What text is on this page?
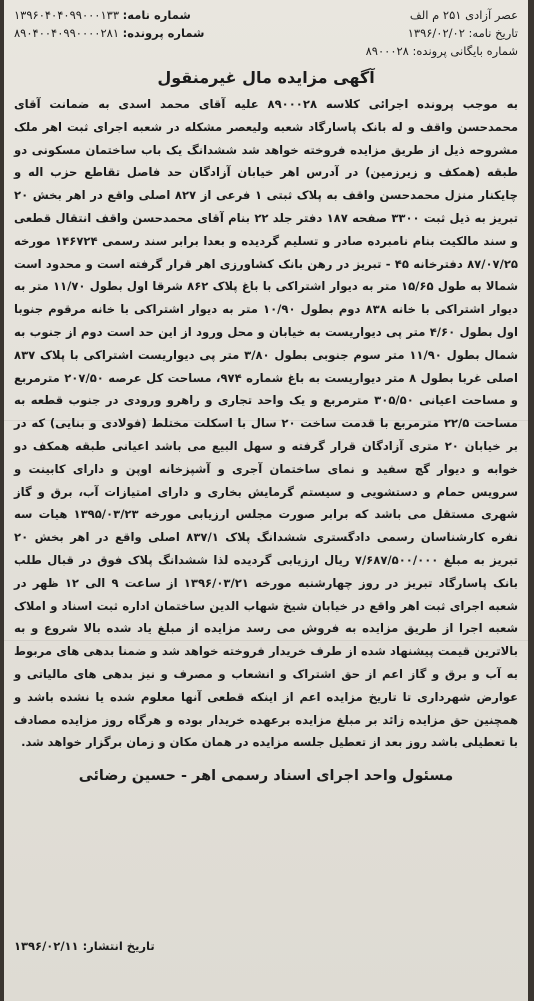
عصر آزادی ۲۵۱ م الف
شماره نامه: ۱۳۹۶۰۴۰۴۰۹۹۰۰۰۱۳۳
تاریخ نامه: ۱۳۹۶/۰۲/۰۲
شماره پرونده: ۸۹۰۴۰۰۴۰۹۹۰۰۰۰۲۸۱
شماره بایگانی پرونده: ۸۹۰۰۰۲۸
آگهی مزایده مال غیرمنقول

به موجب پرونده اجرائی کلاسه ۸۹۰۰۰۲۸ علیه آقای محمد اسدی به ضمانت آقای محمدحسن واقف و له بانک پاسارگاد شعبه ولیعصر مشکله در شعبه اجرای ثبت اهر ملک مشروحه ذیل از طریق مزایده فروخته خواهد شد ششدانگ یک باب ساختمان مسکونی دو طبقه (همکف و زیرزمین) در آدرس اهر خیابان آزادگان حد فاصل تقاطع حزب اله و چایکنار منزل محمدحسن واقف به پلاک ثبتی ۱ فرعی از ۸۲۷ اصلی واقع در اهر بخش ۲۰ تبریز به ذیل ثبت ۳۳۰۰ صفحه ۱۸۷ دفتر جلد ۲۲ بنام آقای محمدحسن واقف انتقال قطعی و سند مالکیت بنام نامبرده صادر و تسلیم گردیده و بعدا برابر سند رسمی ۱۴۶۷۲۴ مورخه ۸۷/۰۷/۲۵ دفترخانه ۴۵ - تبریز در رهن بانک کشاورزی اهر قرار گرفته است و محدود است شمالا به طول ۱۵/۶۵ متر به دیوار اشتراکی با باغ پلاک ۸۶۲ شرقا اول بطول ۱۱/۷۰ متر به دیوار اشتراکی با خانه ۸۳۸ دوم بطول ۱۰/۹۰ متر به دیوار اشتراکی با خانه مرقوم جنوبا اول بطول ۴/۶۰ متر پی دیواریست به خیابان و محل ورود از این حد است دوم از جنوب به شمال بطول ۱۱/۹۰ متر سوم جنوبی بطول ۳/۸۰ متر پی دیواریست اشتراکی با پلاک ۸۳۷ اصلی غربا بطول ۸ متر دیواریست به باغ شماره ۹۷۴، مساحت کل عرصه ۲۰۷/۵۰ مترمربع و مساحت اعیانی ۳۰۵/۵۰ مترمربع و یک واحد تجاری و راهرو ورودی در جنوب قطعه به مساحت ۲۲/۵ مترمربع با قدمت ساخت ۲۰ سال با اسکلت مختلط (فولادی و بنایی) که در بر خیابان ۲۰ متری آزادگان قرار گرفته و سهل البیع می باشد اعیانی طبقه همکف دو خوابه و دیوار گچ سفید و نمای ساختمان آجری و آشپزخانه اوپن و دارای کابینت و سرویس حمام و دستشویی و سیستم گرمایش بخاری و دارای امتیازات آب، برق و گاز شهری مستقل می باشد که برابر صورت مجلس ارزیابی مورخه ۱۳۹۵/۰۳/۲۳ هیات سه نفره کارشناسان رسمی دادگستری ششدانگ پلاک ۸۳۷/۱ اصلی واقع در اهر بخش ۲۰ تبریز به مبلغ ۷/۶۸۷/۵۰۰/۰۰۰ ریال ارزیابی گردیده لذا ششدانگ پلاک فوق در قبال طلب بانک پاسارگاد تبریز در روز چهارشنبه مورخه ۱۳۹۶/۰۳/۲۱ از ساعت ۹ الی ۱۲ ظهر در شعبه اجرای ثبت اهر واقع در خیابان شیخ شهاب الدین ساختمان اداره ثبت اسناد و املاک شعبه اجرا از طریق مزایده به فروش می رسد مزایده از مبلغ یاد شده بالا شروع و به بالاترین قیمت پیشنهاد شده از طرف خریدار فروخته خواهد شد و ضمنا بدهی های مربوط به آب و برق و گاز اعم از حق اشتراک و انشعاب و مصرف و نیز بدهی های مالیاتی و عوارض شهرداری تا تاریخ مزایده اعم از اینکه قطعی آنها معلوم شده یا نشده باشد و همچنین حق مزایده زائد بر مبلغ مزایده برعهده خریدار بوده و هرگاه روز مزایده مصادف با تعطیلی باشد روز بعد از تعطیل جلسه مزایده در همان مکان و زمان برگزار خواهد شد.

مسئول واحد اجرای اسناد رسمی اهر - حسین رضائی
تاریخ انتشار: ۱۳۹۶/۰۲/۱۱
